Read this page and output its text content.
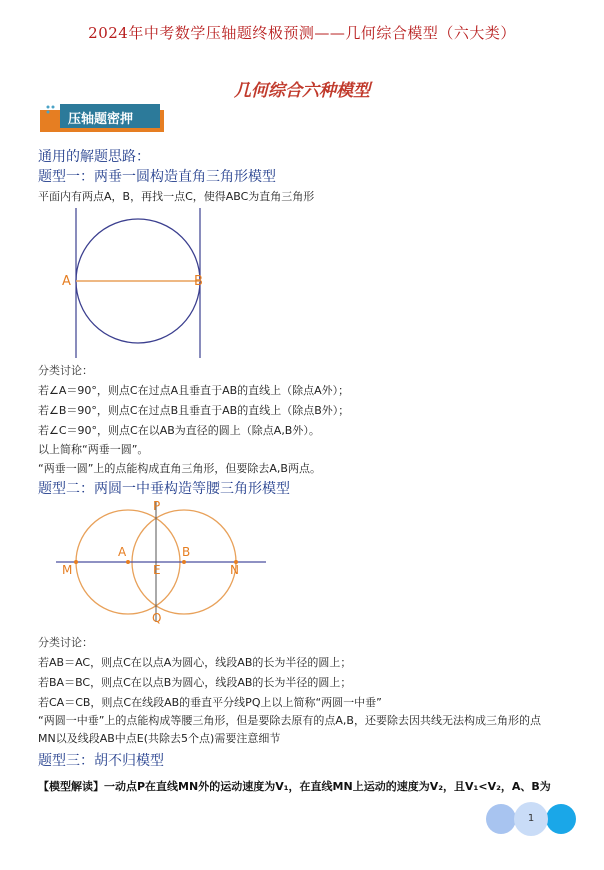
2024年中考数学压轴题终极预测——几何综合模型（六大类）
几何综合六种模型
压轴题密押
通用的解题思路：
题型一：两垂一圆构造直角三角形模型
平面内有两点A，B，再找一点C，使得ABC为直角三角形
A	B
分类讨论：
若∠A＝90°，则点C在过点A且垂直于AB的直线上（除点A外）；
若∠B＝90°，则点C在过点B且垂直于AB的直线上（除点B外）；
若∠C＝90°，则点C在以AB为直径的圆上（除点A,B外）。
以上简称“两垂一圆”。
“两垂一圆”上的点能构成直角三角形，但要除去A,B两点。
题型二：两圆一中垂构造等腰三角形模型
P
A	B
M	E	N
Q
分类讨论：
若AB＝AC，则点C在以点A为圆心，线段AB的长为半径的圆上；
若BA＝BC，则点C在以点B为圆心，线段AB的长为半径的圆上；
若CA＝CB，则点C在线段AB的垂直平分线PQ上以上简称“两圆一中垂”
“两圆一中垂”上的点能构成等腰三角形，但是要除去原有的点A,B，还要除去因共线无法构成三角形的点
MN以及线段AB中点E(共除去5个点)需要注意细节
题型三：胡不归模型
【模型解读】一动点P在直线MN外的运动速度为V₁，在直线MN上运动的速度为V₂，且V₁<V₂，A、B为
1
